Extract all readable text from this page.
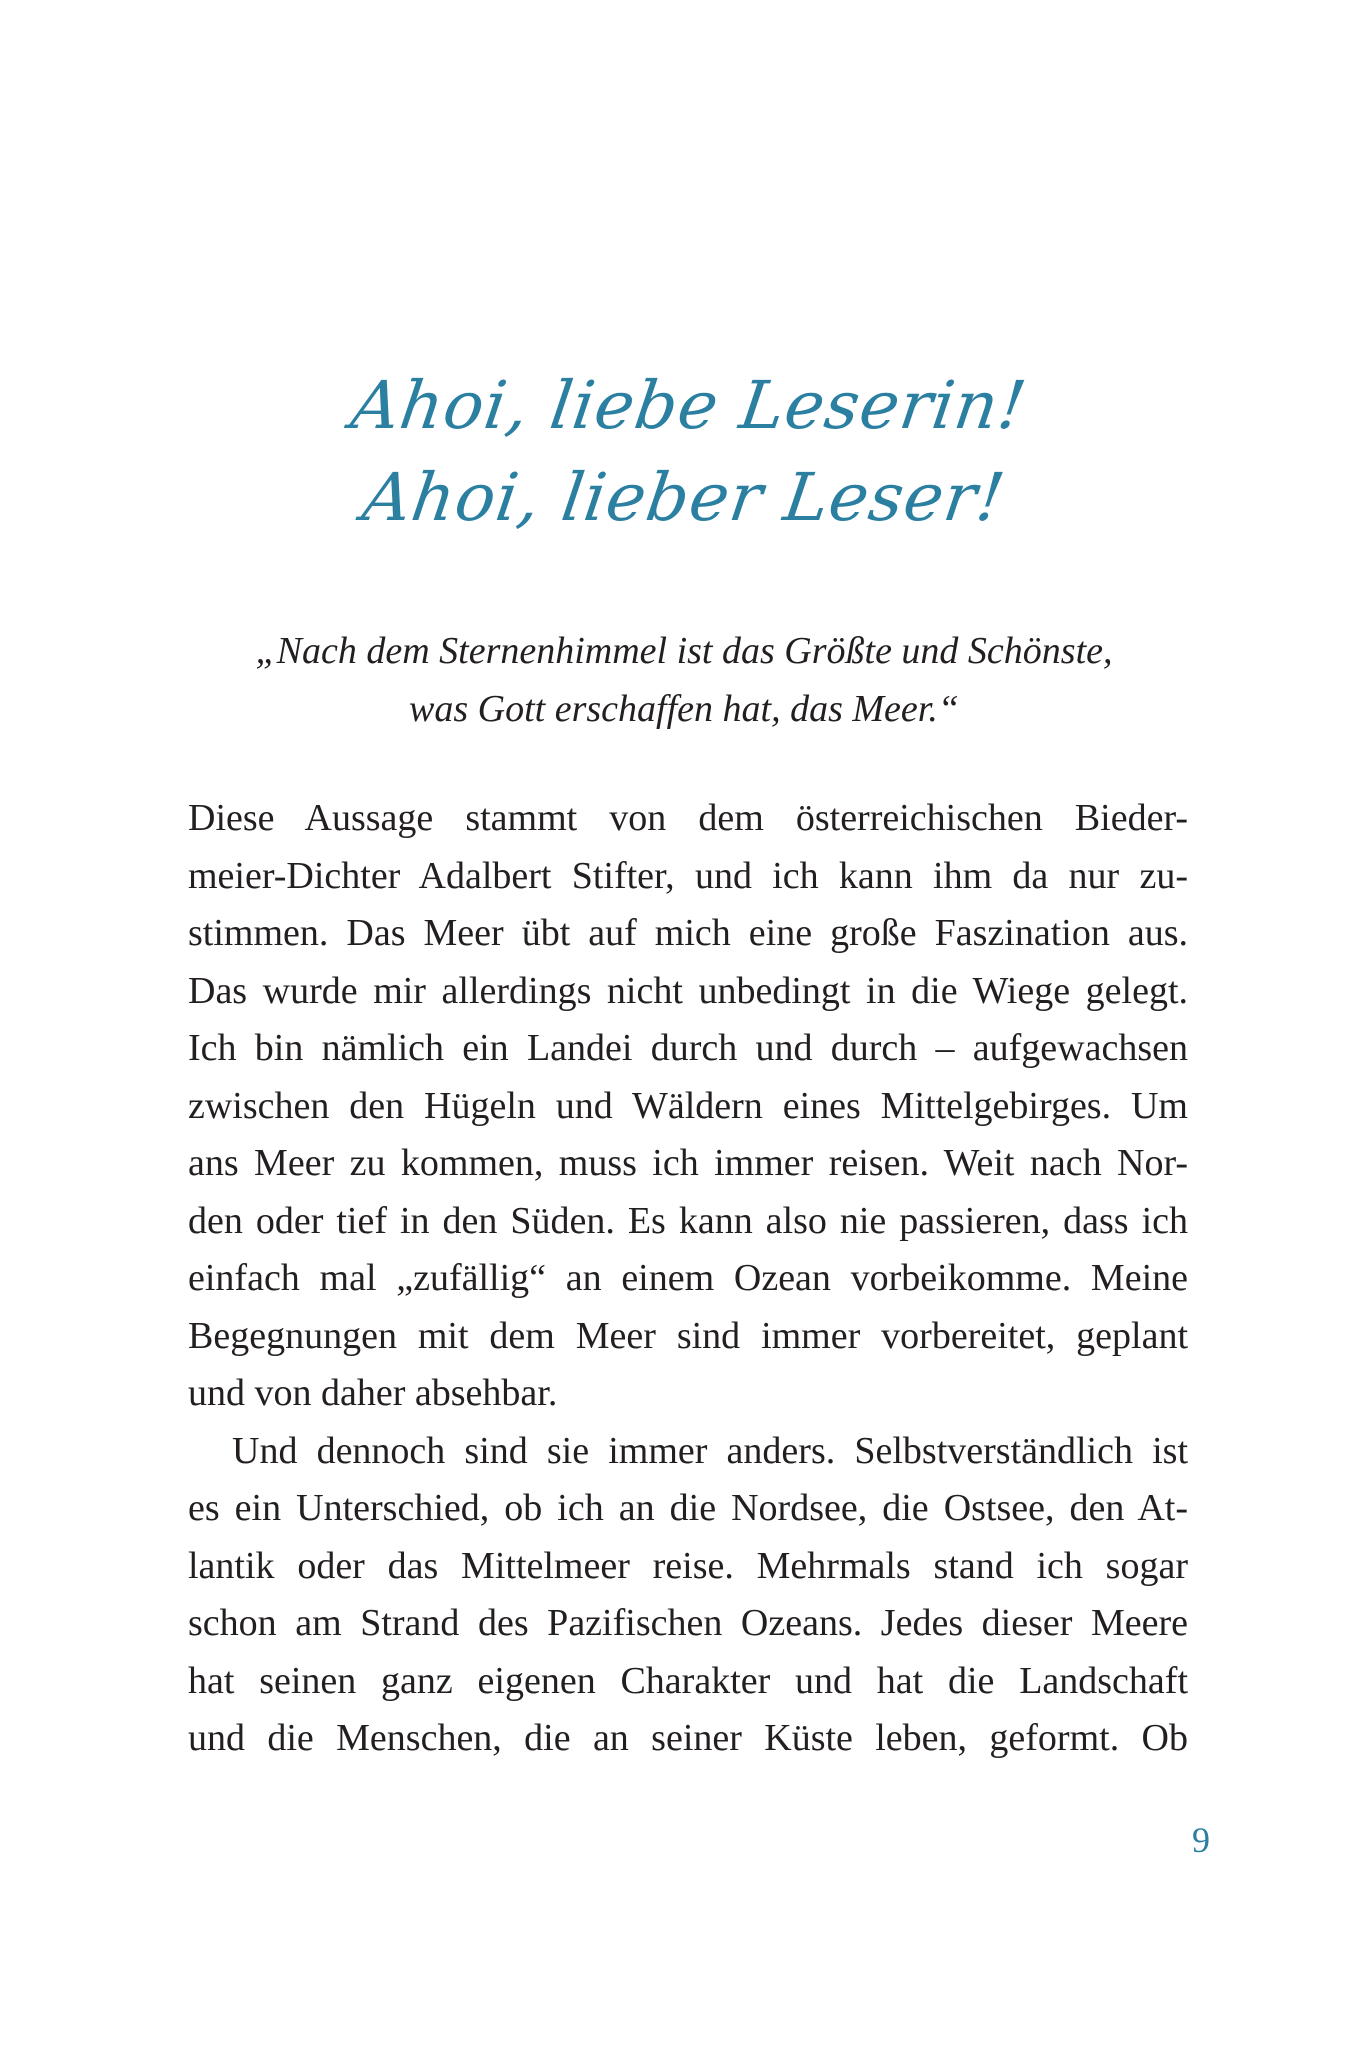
Ahoi, liebe Leserin!
Ahoi, lieber Leser!
„Nach dem Sternenhimmel ist das Größte und Schönste,
was Gott erschaffen hat, das Meer.“
Diese Aussage stammt von dem österreichischen Bieder-
meier-Dichter Adalbert Stifter, und ich kann ihm da nur zu-
stimmen. Das Meer übt auf mich eine große Faszination aus.
Das wurde mir allerdings nicht unbedingt in die Wiege gelegt.
Ich bin nämlich ein Landei durch und durch – aufgewachsen
zwischen den Hügeln und Wäldern eines Mittelgebirges. Um
ans Meer zu kommen, muss ich immer reisen. Weit nach Nor-
den oder tief in den Süden. Es kann also nie passieren, dass ich
einfach mal „zufällig“ an einem Ozean vorbeikomme. Meine
Begegnungen mit dem Meer sind immer vorbereitet, geplant
und von daher absehbar.
Und dennoch sind sie immer anders. Selbstverständlich ist
es ein Unterschied, ob ich an die Nordsee, die Ostsee, den At-
lantik oder das Mittelmeer reise. Mehrmals stand ich sogar
schon am Strand des Pazifischen Ozeans. Jedes dieser Meere
hat seinen ganz eigenen Charakter und hat die Landschaft
und die Menschen, die an seiner Küste leben, geformt. Ob
9
